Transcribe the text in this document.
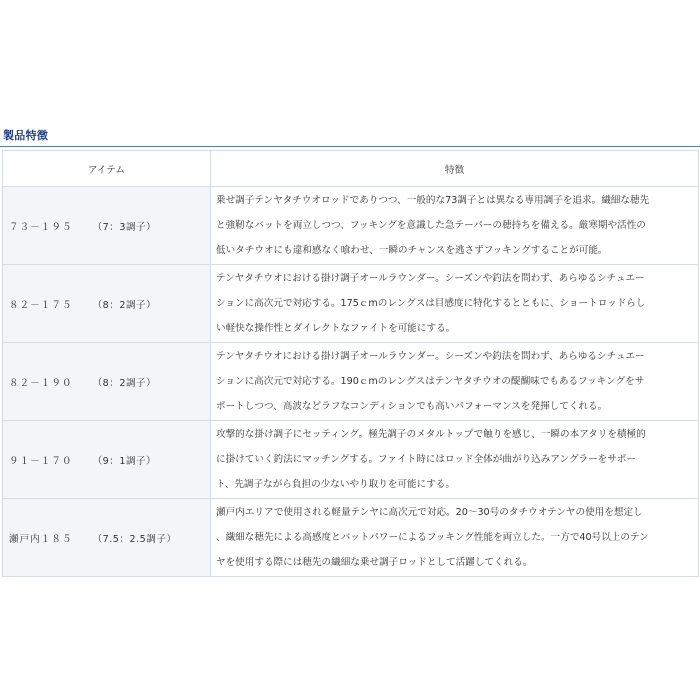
製品特徴
アイテム	特徴
７３－１９５ （7：3調子）	乗せ調子テンヤタチウオロッドでありつつ、一般的な73調子とは異なる専用調子を追求。繊細な穂先
と強靭なバットを両立しつつ、フッキングを意識した急テーパーの穂持ちを備える。厳寒期や活性の
低いタチウオにも違和感なく喰わせ、一瞬のチャンスを逃さずフッキングすることが可能。

８２－１７５ （8：2調子）	テンヤタチウオにおける掛け調子オールラウンダー。シーズンや釣法を問わず、あらゆるシチュエー
ションに高次元で対応する。175ｃmのレングスは目感度に特化するとともに、ショートロッドらし
い軽快な操作性とダイレクトなファイトを可能にする。

８２－１９０ （8：2調子）	テンヤタチウオにおける掛け調子オールラウンダー。シーズンや釣法を問わず、あらゆるシチュエー
ションに高次元で対応する。190ｃmのレングスはテンヤタチウオの醍醐味でもあるフッキングをサ
ポートしつつ、高波などラフなコンディションでも高いパフォーマンスを発揮してくれる。

９１－１７０ （9：1調子）	攻撃的な掛け調子にセッティング。極先調子のメタルトップで触りを感じ、一瞬の本アタリを積極的
に掛けていく釣法にマッチングする。ファイト時にはロッド全体が曲がり込みアングラーをサポー
ト、先調子ながら負担の少ないやり取りを可能にする。

瀬戸内１８５ （7.5：2.5調子）	瀬戸内エリアで使用される軽量テンヤに高次元で対応。20～30号のタチウオテンヤの使用を想定し
、繊細な穂先による高感度とバットパワーによるフッキング性能を両立した。一方で40号以上のテン
ヤを使用する際には穂先の繊細な乗せ調子ロッドとして活躍してくれる。
